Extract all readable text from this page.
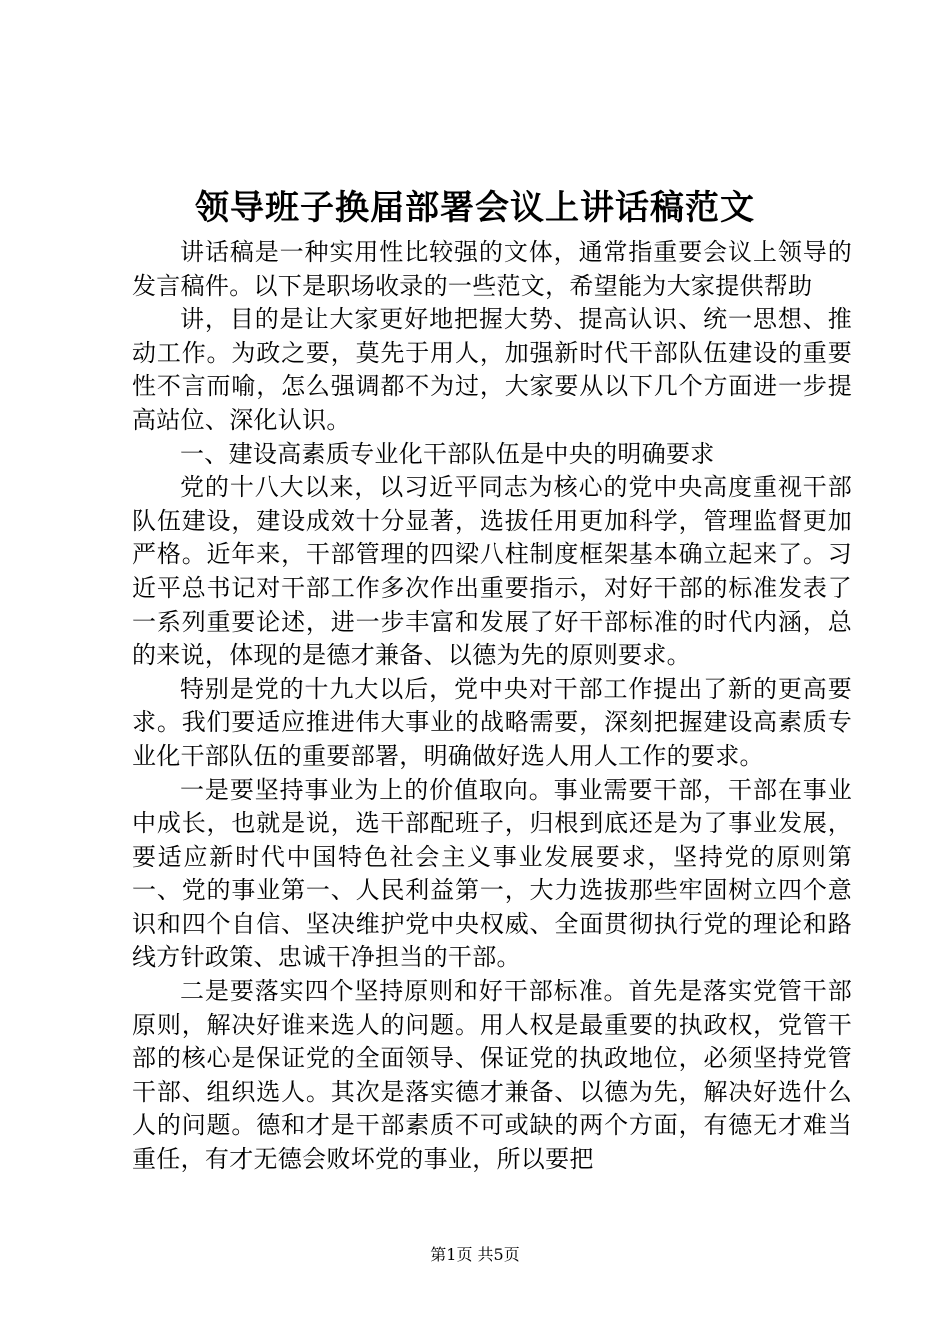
领导班子换届部署会议上讲话稿范文

讲话稿是一种实用性比较强的文体，通常指重要会议上领导的发言稿件。以下是职场收录的一些范文，希望能为大家提供帮助

讲，目的是让大家更好地把握大势、提高认识、统一思想、推动工作。为政之要，莫先于用人，加强新时代干部队伍建设的重要性不言而喻，怎么强调都不为过，大家要从以下几个方面进一步提高站位、深化认识。

一、建设高素质专业化干部队伍是中央的明确要求

党的十八大以来，以习近平同志为核心的党中央高度重视干部队伍建设，建设成效十分显著，选拔任用更加科学，管理监督更加严格。近年来，干部管理的四梁八柱制度框架基本确立起来了。习近平总书记对干部工作多次作出重要指示，对好干部的标准发表了一系列重要论述，进一步丰富和发展了好干部标准的时代内涵，总的来说，体现的是德才兼备、以德为先的原则要求。

特别是党的十九大以后，党中央对干部工作提出了新的更高要求。我们要适应推进伟大事业的战略需要，深刻把握建设高素质专业化干部队伍的重要部署，明确做好选人用人工作的要求。

一是要坚持事业为上的价值取向。事业需要干部，干部在事业中成长，也就是说，选干部配班子，归根到底还是为了事业发展，要适应新时代中国特色社会主义事业发展要求，坚持党的原则第一、党的事业第一、人民利益第一，大力选拔那些牢固树立四个意识和四个自信、坚决维护党中央权威、全面贯彻执行党的理论和路线方针政策、忠诚干净担当的干部。

二是要落实四个坚持原则和好干部标准。首先是落实党管干部原则，解决好谁来选人的问题。用人权是最重要的执政权，党管干部的核心是保证党的全面领导、保证党的执政地位，必须坚持党管干部、组织选人。其次是落实德才兼备、以德为先，解决好选什么人的问题。德和才是干部素质不可或缺的两个方面，有德无才难当重任，有才无德会败坏党的事业，所以要把

第1页 共5页
